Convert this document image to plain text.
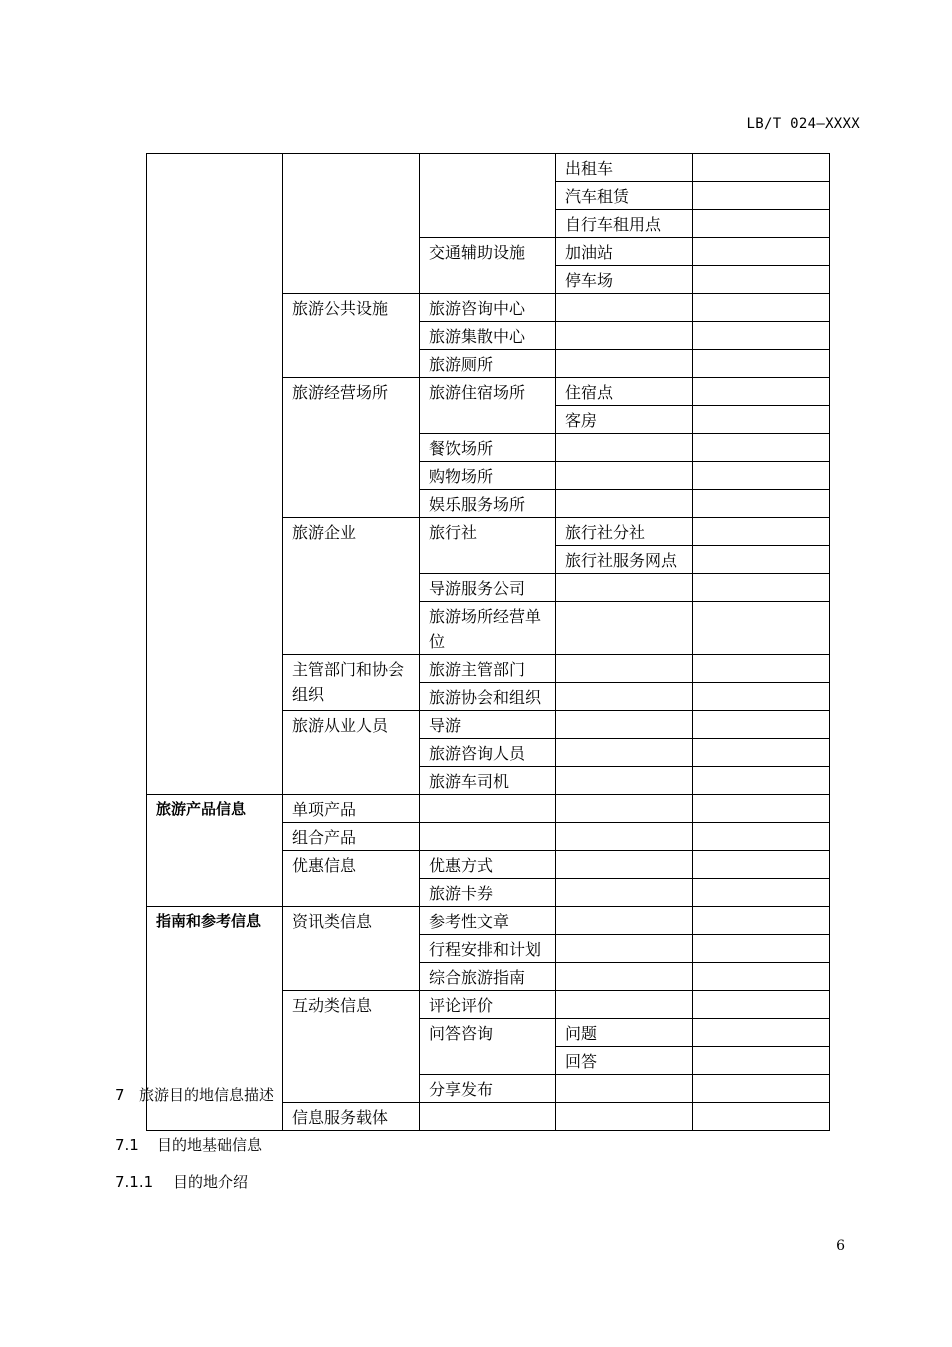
LB/T 024—XXXX
			出租车	
			汽车租赁	
			自行车租用点	
		交通辅助设施	加油站	
			停车场	
	旅游公共设施	旅游咨询中心		
		旅游集散中心		
		旅游厕所		
	旅游经营场所	旅游住宿场所	住宿点	
			客房	
		餐饮场所		
		购物场所		
		娱乐服务场所		
	旅游企业	旅行社	旅行社分社	
			旅行社服务网点	
		导游服务公司		
		旅游场所经营单位		
	主管部门和协会组织	旅游主管部门		
		旅游协会和组织		
	旅游从业人员	导游		
		旅游咨询人员		
		旅游车司机		
旅游产品信息	单项产品			
	组合产品			
	优惠信息	优惠方式		
		旅游卡券		
指南和参考信息	资讯类信息	参考性文章		
		行程安排和计划		
		综合旅游指南		
	互动类信息	评论评价		
		问答咨询	问题	
			回答	
		分享发布		
	信息服务载体			
7 旅游目的地信息描述
7.1 目的地基础信息
7.1.1 目的地介绍
6
